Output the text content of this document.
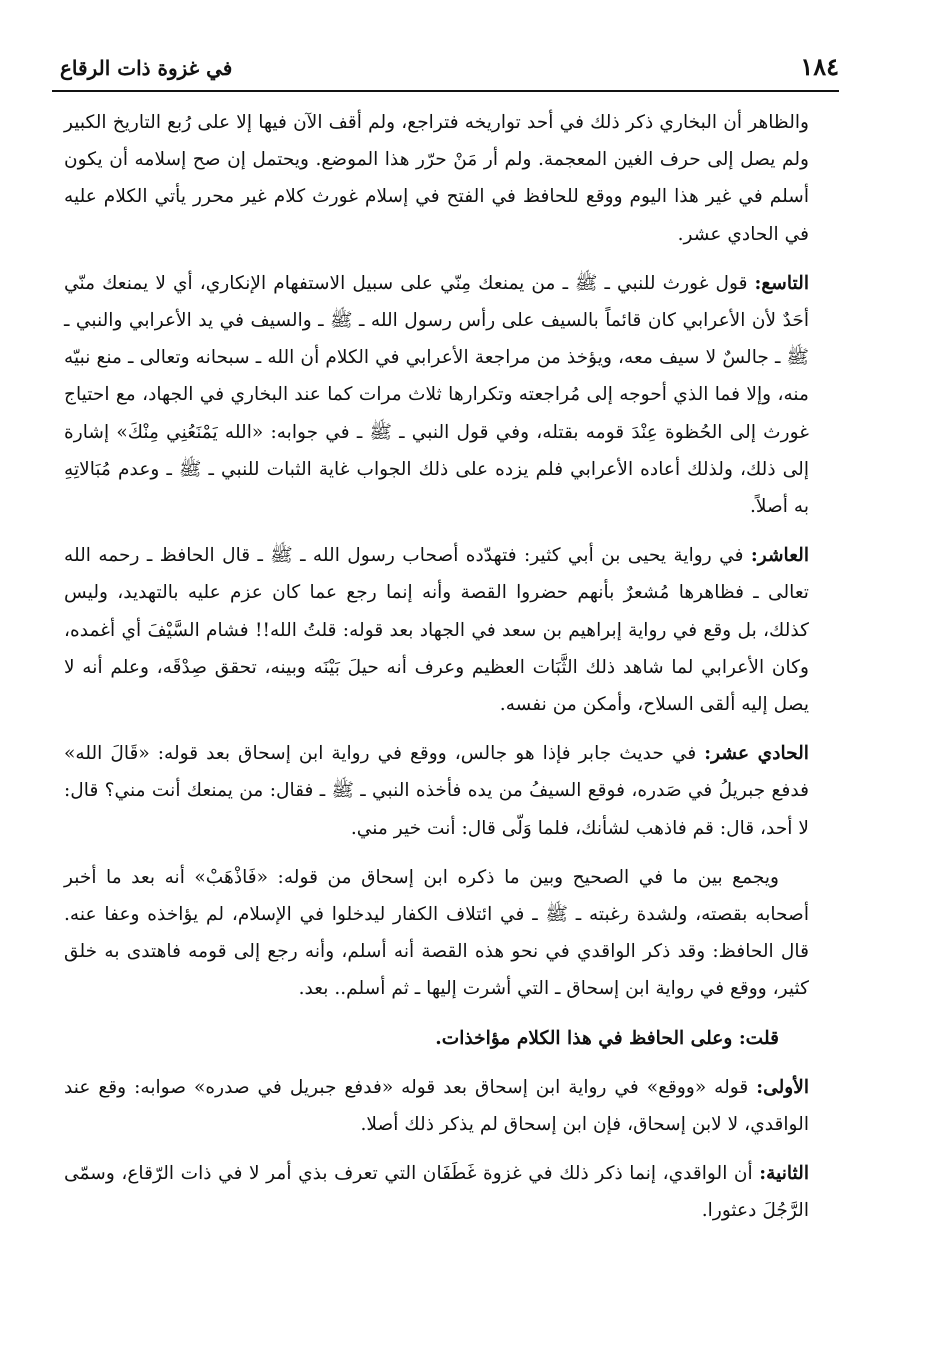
١٨٤
في غزوة ذات الرقاع

والظاهر أن البخاري ذكر ذلك في أحد تواريخه فتراجع، ولم أقف الآن فيها إلا على رُبع التاريخ الكبير ولم يصل إلى حرف الغين المعجمة. ولم أر مَنْ حرّر هذا الموضع. ويحتمل إن صح إسلامه أن يكون أسلم في غير هذا اليوم ووقع للحافظ في الفتح في إسلام غورث كلام غير محرر يأتي الكلام عليه في الحادي عشر.

التاسع: قول غورث للنبي ـ ﷺ ـ من يمنعك مِنّي على سبيل الاستفهام الإنكاري، أي لا يمنعك منّي أحَدٌ لأن الأعرابي كان قائماً بالسيف على رأس رسول الله ـ ﷺ ـ والسيف في يد الأعرابي والنبي ـ ﷺ ـ جالسٌ لا سيف معه، ويؤخذ من مراجعة الأعرابي في الكلام أن الله ـ سبحانه وتعالى ـ منع نبيّه منه، وإلا فما الذي أحوجه إلى مُراجعته وتكرارها ثلاث مرات كما عند البخاري في الجهاد، مع احتياج غورث إلى الحُظوة عِنْدَ قومه بقتله، وفي قول النبي ـ ﷺ ـ في جوابه: «الله يَمْنَعُنِي مِنْكَ» إشارة إلى ذلك، ولذلك أعاده الأعرابي فلم يزده على ذلك الجواب غاية الثبات للنبي ـ ﷺ ـ وعدم مُبَالاتِهِ به أصلاً.

العاشر: في رواية يحيى بن أبي كثير: فتهدّده أصحاب رسول الله ـ ﷺ ـ قال الحافظ ـ رحمه الله تعالى ـ فظاهرها مُشعرٌ بأنهم حضروا القصة وأنه إنما رجع عما كان عزم عليه بالتهديد، وليس كذلك، بل وقع في رواية إبراهيم بن سعد في الجهاد بعد قوله: قلتُ الله!! فشام السَّيْفَ أي أغمده، وكان الأعرابي لما شاهد ذلك الثَّبَات العظيم وعرف أنه حيلَ بَيْنَه وبينه، تحقق صِدْقَه، وعلم أنه لا يصل إليه ألقى السلاح، وأمكن من نفسه.

الحادي عشر: في حديث جابر فإذا هو جالس، ووقع في رواية ابن إسحاق بعد قوله: «قَالَ الله» فدفع جبريلُ في صَدره، فوقع السيفُ من يده فأخذه النبي ـ ﷺ ـ فقال: من يمنعك أنت مني؟ قال: لا أحد، قال: قم فاذهب لشأنك، فلما وَلّى قال: أنت خير مني.

ويجمع بين ما في الصحيح وبين ما ذكره ابن إسحاق من قوله: «فَاذْهَبْ» أنه بعد ما أخبر أصحابه بقصته، ولشدة رغبته ـ ﷺ ـ في ائتلاف الكفار ليدخلوا في الإسلام، لم يؤاخذه وعفا عنه. قال الحافظ: وقد ذكر الواقدي في نحو هذه القصة أنه أسلم، وأنه رجع إلى قومه فاهتدى به خلق كثير، ووقع في رواية ابن إسحاق ـ التي أشرت إليها ـ ثم أسلم.. بعد.

قلت: وعلى الحافظ في هذا الكلام مؤاخذات.

الأولى: قوله «ووقع» في رواية ابن إسحاق بعد قوله «فدفع جبريل في صدره» صوابه: وقع عند الواقدي، لا لابن إسحاق، فإن ابن إسحاق لم يذكر ذلك أصلا.

الثانية: أن الواقدي، إنما ذكر ذلك في غزوة غَطَفَان التي تعرف بذي أمر لا في ذات الرّقاع، وسمّى الرَّجُلَ دعثورا.
